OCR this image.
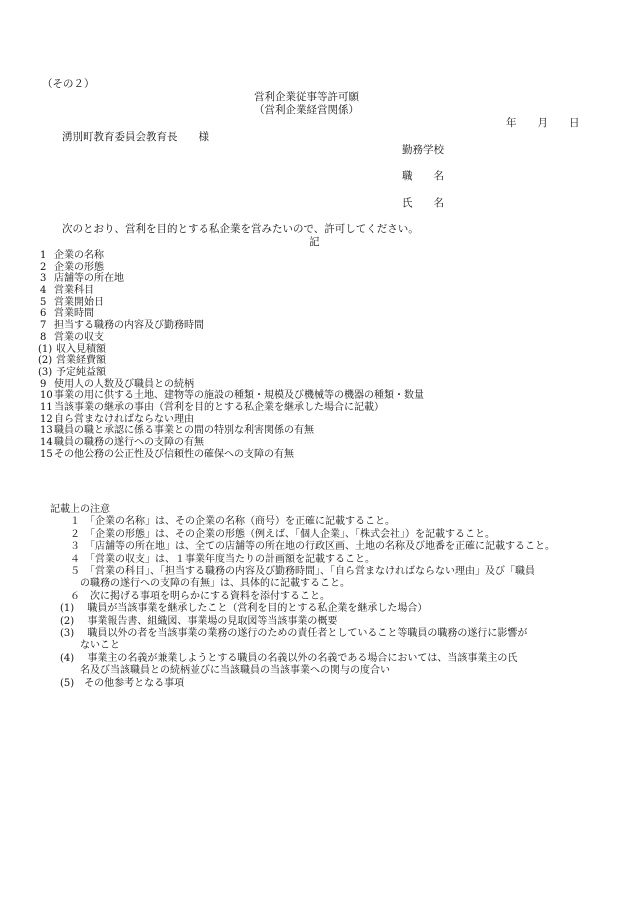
（その２）
営利企業従事等許可願
（営利企業経営関係）
年　　月　　日
湧別町教育委員会教育長　　様
勤務学校
職　　名
氏　　名
次のとおり、営利を目的とする私企業を営みたいので、許可してください。
記
1 企業の名称
2 企業の形態
3 店舗等の所在地
4 営業科目
5 営業開始日
6 営業時間
7 担当する職務の内容及び勤務時間
8 営業の収支
(1) 収入見積額
(2) 営業経費額
(3) 予定純益額
9 使用人の人数及び職員との続柄
10事業の用に供する土地、建物等の施設の種類・規模及び機械等の機器の種類・数量
11当該事業の継承の事由（営利を目的とする私企業を継承した場合に記載）
12自ら営まなければならない理由
13職員の職と承認に係る事業との間の特別な利害関係の有無
14職員の職務の遂行への支障の有無
15その他公務の公正性及び信頼性の確保への支障の有無
記載上の注意
　　１　「企業の名称」は、その企業の名称（商号）を正確に記載すること。
　　２　「企業の形態」は、その企業の形態（例えば、「個人企業」、「株式会社」）を記載すること。
　　３　「店舗等の所在地」は、全ての店舗等の所在地の行政区画、土地の名称及び地番を正確に記載すること。
　　４　「営業の収支」は、１事業年度当たりの計画額を記載すること。
　　５　「営業の科目」、「担当する職務の内容及び勤務時間」、「自ら営まなければならない理由」及び「職員
　　　の職務の遂行への支障の有無」は、具体的に記載すること。
　　６　次に掲げる事項を明らかにする資料を添付すること。
　(1)　 職員が当該事業を継承したこと（営利を目的とする私企業を継承した場合）
　(2)　 事業報告書、組織図、事業場の見取図等当該事業の概要
　(3)　 職員以外の者を当該事業の業務の遂行のための責任者としていること等職員の職務の遂行に影響が
　　　ないこと
　(4)　 事業主の名義が兼業しようとする職員の名義以外の名義である場合においては、当該事業主の氏
　　　名及び当該職員との続柄並びに当該職員の当該事業への関与の度合い
　(5)　その他参考となる事項
